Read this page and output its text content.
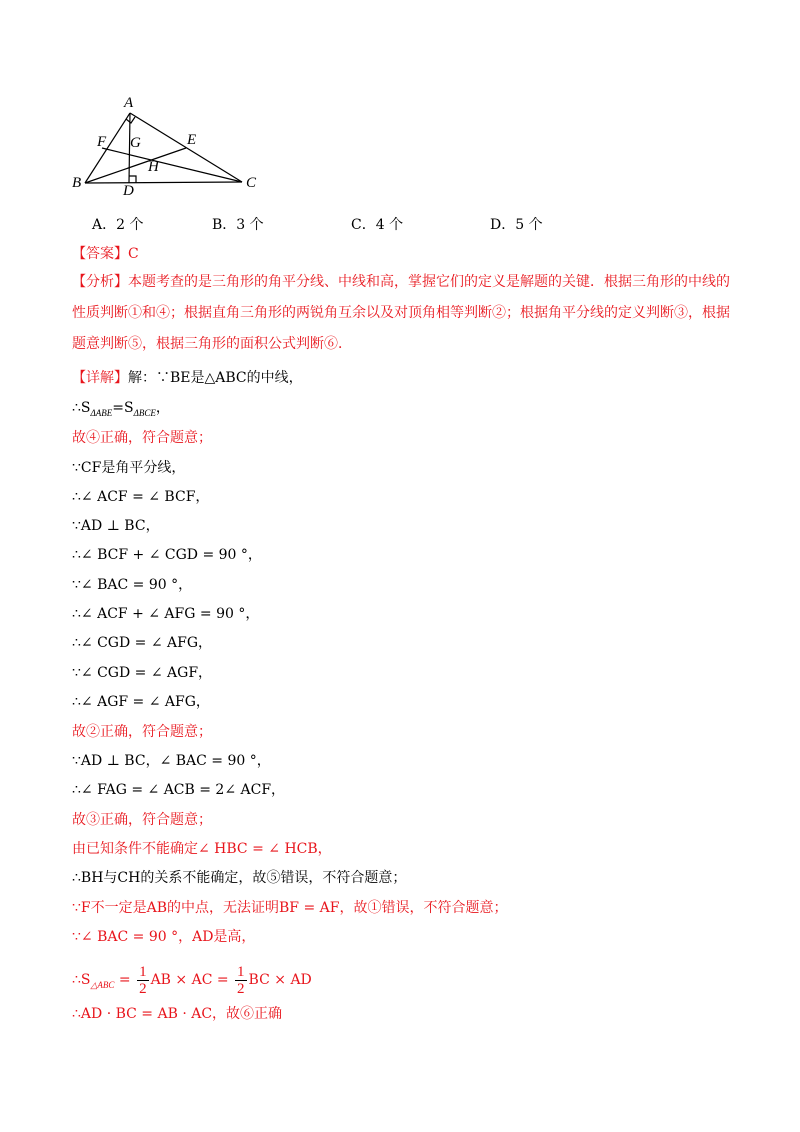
A
B	C
D
E
F G
H
A．2 个	B．3 个	C．4 个	D．5 个
【答案】C
【分析】本题考查的是三角形的角平分线、中线和高，掌握它们的定义是解题的关键．根据三角形的中线的性质判断①和④；根据直角三角形的两锐角互余以及对顶角相等判断②；根据角平分线的定义判断③，根据题意判断⑤，根据三角形的面积公式判断⑥．
【详解】解：∵BE是△ABC的中线，
$\therefore S_{\Delta ABE}=S_{\Delta BCE}$，
故④正确，符合题意；
∵CF是角平分线，
∴∠ ACF = ∠ BCF，
∵AD ⊥ BC，
∴∠ BCF + ∠ CGD = 90 °，
∵∠ BAC = 90 °，
∴∠ ACF + ∠ AFG = 90 °，
∴∠ CGD = ∠ AFG，
∵∠ CGD = ∠ AGF，
∴∠ AGF = ∠ AFG，
故②正确，符合题意；
∵AD ⊥ BC，∠ BAC = 90 °，
∴∠ FAG = ∠ ACB = 2∠ ACF，
故③正确，符合题意；
由已知条件不能确定∠ HBC = ∠ HCB，
∴BH与CH的关系不能确定，故⑤错误，不符合题意；
∵F不一定是AB的中点，无法证明BF = AF，故①错误，不符合题意；
∵∠ BAC = 90 °，AD是高，
$\therefore S_{\triangle ABC} = \frac{1}{2}$ AB × AC = $\frac{1}{2}$ BC × AD
∴AD · BC = AB · AC，故⑥正确
